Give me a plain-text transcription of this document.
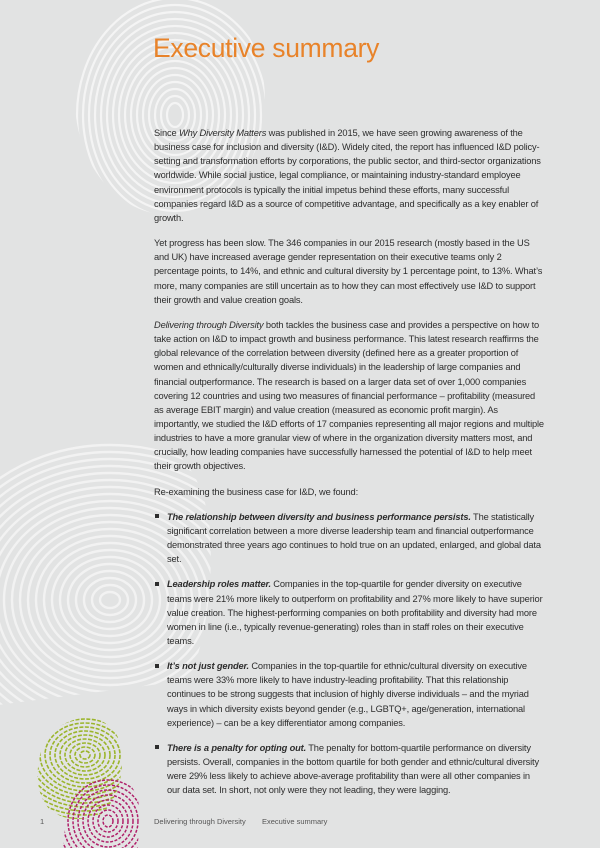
Executive summary

Since Why Diversity Matters was published in 2015, we have seen growing awareness of the business case for inclusion and diversity (I&D). Widely cited, the report has influenced I&D policy-setting and transformation efforts by corporations, the public sector, and third-sector organizations worldwide. While social justice, legal compliance, or maintaining industry-standard employee environment protocols is typically the initial impetus behind these efforts, many successful companies regard I&D as a source of competitive advantage, and specifically as a key enabler of growth.

Yet progress has been slow. The 346 companies in our 2015 research (mostly based in the US and UK) have increased average gender representation on their executive teams only 2 percentage points, to 14%, and ethnic and cultural diversity by 1 percentage point, to 13%. What’s more, many companies are still uncertain as to how they can most effectively use I&D to support their growth and value creation goals.

Delivering through Diversity both tackles the business case and provides a perspective on how to take action on I&D to impact growth and business performance. This latest research reaffirms the global relevance of the correlation between diversity (defined here as a greater proportion of women and ethnically/culturally diverse individuals) in the leadership of large companies and financial outperformance. The research is based on a larger data set of over 1,000 companies covering 12 countries and using two measures of financial performance – profitability (measured as average EBIT margin) and value creation (measured as economic profit margin). As importantly, we studied the I&D efforts of 17 companies representing all major regions and multiple industries to have a more granular view of where in the organization diversity matters most, and crucially, how leading companies have successfully harnessed the potential of I&D to help meet their growth objectives.

Re-examining the business case for I&D, we found:

The relationship between diversity and business performance persists. The statistically significant correlation between a more diverse leadership team and financial outperformance demonstrated three years ago continues to hold true on an updated, enlarged, and global data set.
Leadership roles matter. Companies in the top-quartile for gender diversity on executive teams were 21% more likely to outperform on profitability and 27% more likely to have superior value creation. The highest-performing companies on both profitability and diversity had more women in line (i.e., typically revenue-generating) roles than in staff roles on their executive teams.
It’s not just gender. Companies in the top-quartile for ethnic/cultural diversity on executive teams were 33% more likely to have industry-leading profitability. That this relationship continues to be strong suggests that inclusion of highly diverse individuals – and the myriad ways in which diversity exists beyond gender (e.g., LGBTQ+, age/generation, international experience) – can be a key differentiator among companies.
There is a penalty for opting out. The penalty for bottom-quartile performance on diversity persists. Overall, companies in the bottom quartile for both gender and ethnic/cultural diversity were 29% less likely to achieve above-average profitability than were all other companies in our data set. In short, not only were they not leading, they were lagging.
1	Delivering through Diversity Executive summary
